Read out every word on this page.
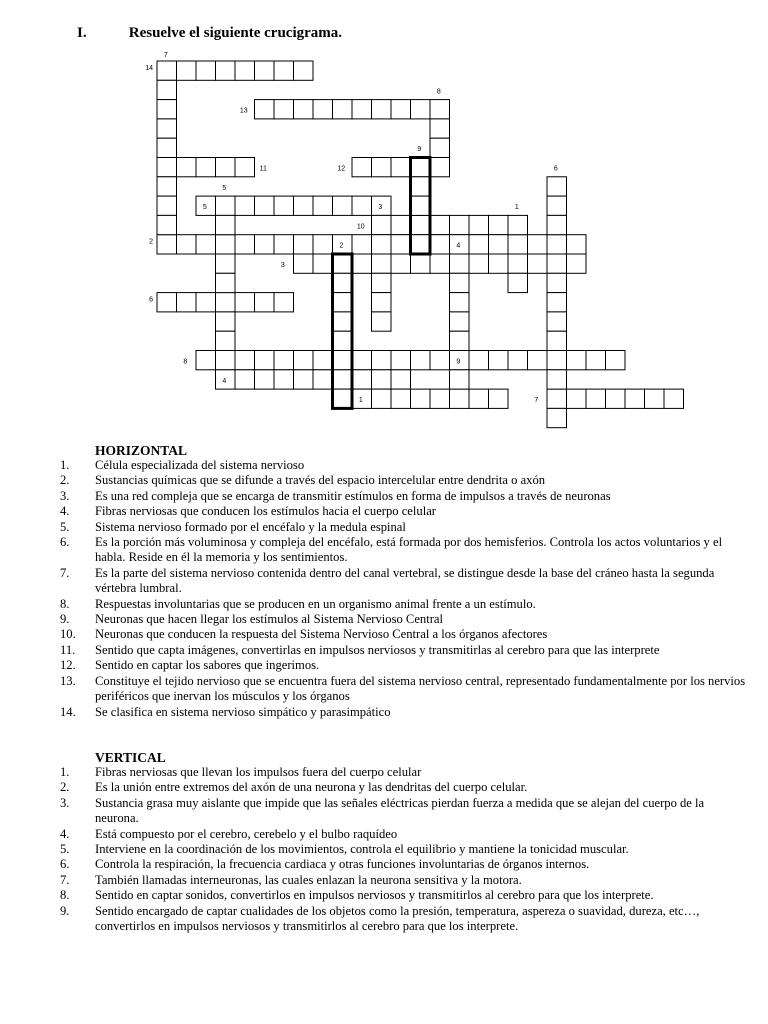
I.	Resuelve el siguiente crucigrama.
7
14
8
13
9
11	12	6
5
5	3	1
10
2
2	4
3
6
8	9
4
1	7
HORIZONTAL
1.	Célula especializada del sistema nervioso
2.	Sustancias químicas que se difunde a través del espacio intercelular entre dendrita o axón
3.	Es una red compleja que se encarga de transmitir estímulos en forma de impulsos a través de neuronas
4.	Fibras nerviosas que conducen los estímulos hacia el cuerpo celular
5.	Sistema nervioso formado por el encéfalo y la medula espinal
6.	Es la porción más voluminosa y compleja del encéfalo, está formada por dos hemisferios. Controla los actos voluntarios y el habla. Reside en él la memoria y los sentimientos.
7.	Es la parte del sistema nervioso contenida dentro del canal vertebral, se distingue desde la base del cráneo hasta la segunda vértebra lumbral.
8.	Respuestas involuntarias que se producen en un organismo animal frente a un estímulo.
9.	Neuronas que hacen llegar los estímulos al Sistema Nervioso Central
10.	Neuronas que conducen la respuesta del Sistema Nervioso Central a los órganos afectores
11.	Sentido que capta imágenes, convertirlas en impulsos nerviosos y transmitirlas al cerebro para que las interprete
12.	Sentido en captar los sabores que ingerimos.
13.	Constituye el tejido nervioso que se encuentra fuera del sistema nervioso central, representado fundamentalmente por los nervios periféricos que inervan los músculos y los órganos
14.	Se clasifica en sistema nervioso simpático y parasimpático
VERTICAL
1.	Fibras nerviosas que llevan los impulsos fuera del cuerpo celular
2.	Es la unión entre extremos del axón de una neurona y las dendritas del cuerpo celular.
3.	Sustancia grasa muy aislante que impide que las señales eléctricas pierdan fuerza a medida que se alejan del cuerpo de la neurona.
4.	Está compuesto por el cerebro, cerebelo y el bulbo raquídeo
5.	Interviene en la coordinación de los movimientos, controla el equilibrio y mantiene la tonicidad muscular.
6.	Controla la respiración, la frecuencia cardiaca y otras funciones involuntarias de órganos internos.
7.	También llamadas interneuronas, las cuales enlazan la neurona sensitiva y la motora.
8.	Sentido en captar sonidos, convertirlos en impulsos nerviosos y transmitirlos al cerebro para que los interprete.
9.	Sentido encargado de captar cualidades de los objetos como la presión, temperatura, aspereza o suavidad, dureza, etc…, convertirlos en impulsos nerviosos y transmitirlos al cerebro para que los interprete.
